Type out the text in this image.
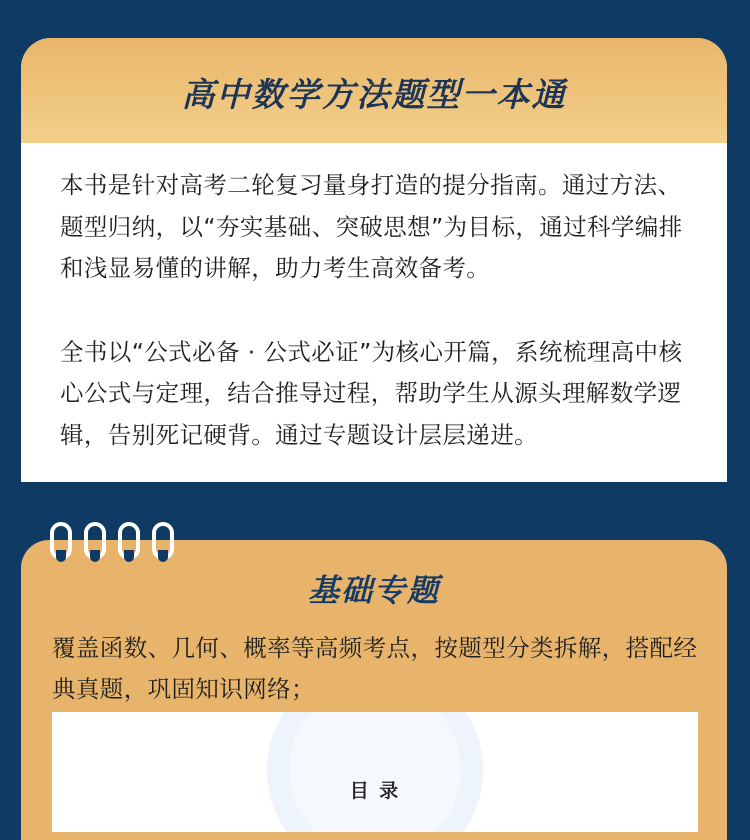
高中数学方法题型一本通

本书是针对高考二轮复习量身打造的提分指南。通过方法、题型归纳，以“夯实基础、突破思想”为目标，通过科学编排和浅显易懂的讲解，助力考生高效备考。

全书以“公式必备 · 公式必证”为核心开篇，系统梳理高中核心公式与定理，结合推导过程，帮助学生从源头理解数学逻辑，告别死记硬背。通过专题设计层层递进。

基础专题

覆盖函数、几何、概率等高频考点，按题型分类拆解，搭配经典真题，巩固知识网络；

目 录
